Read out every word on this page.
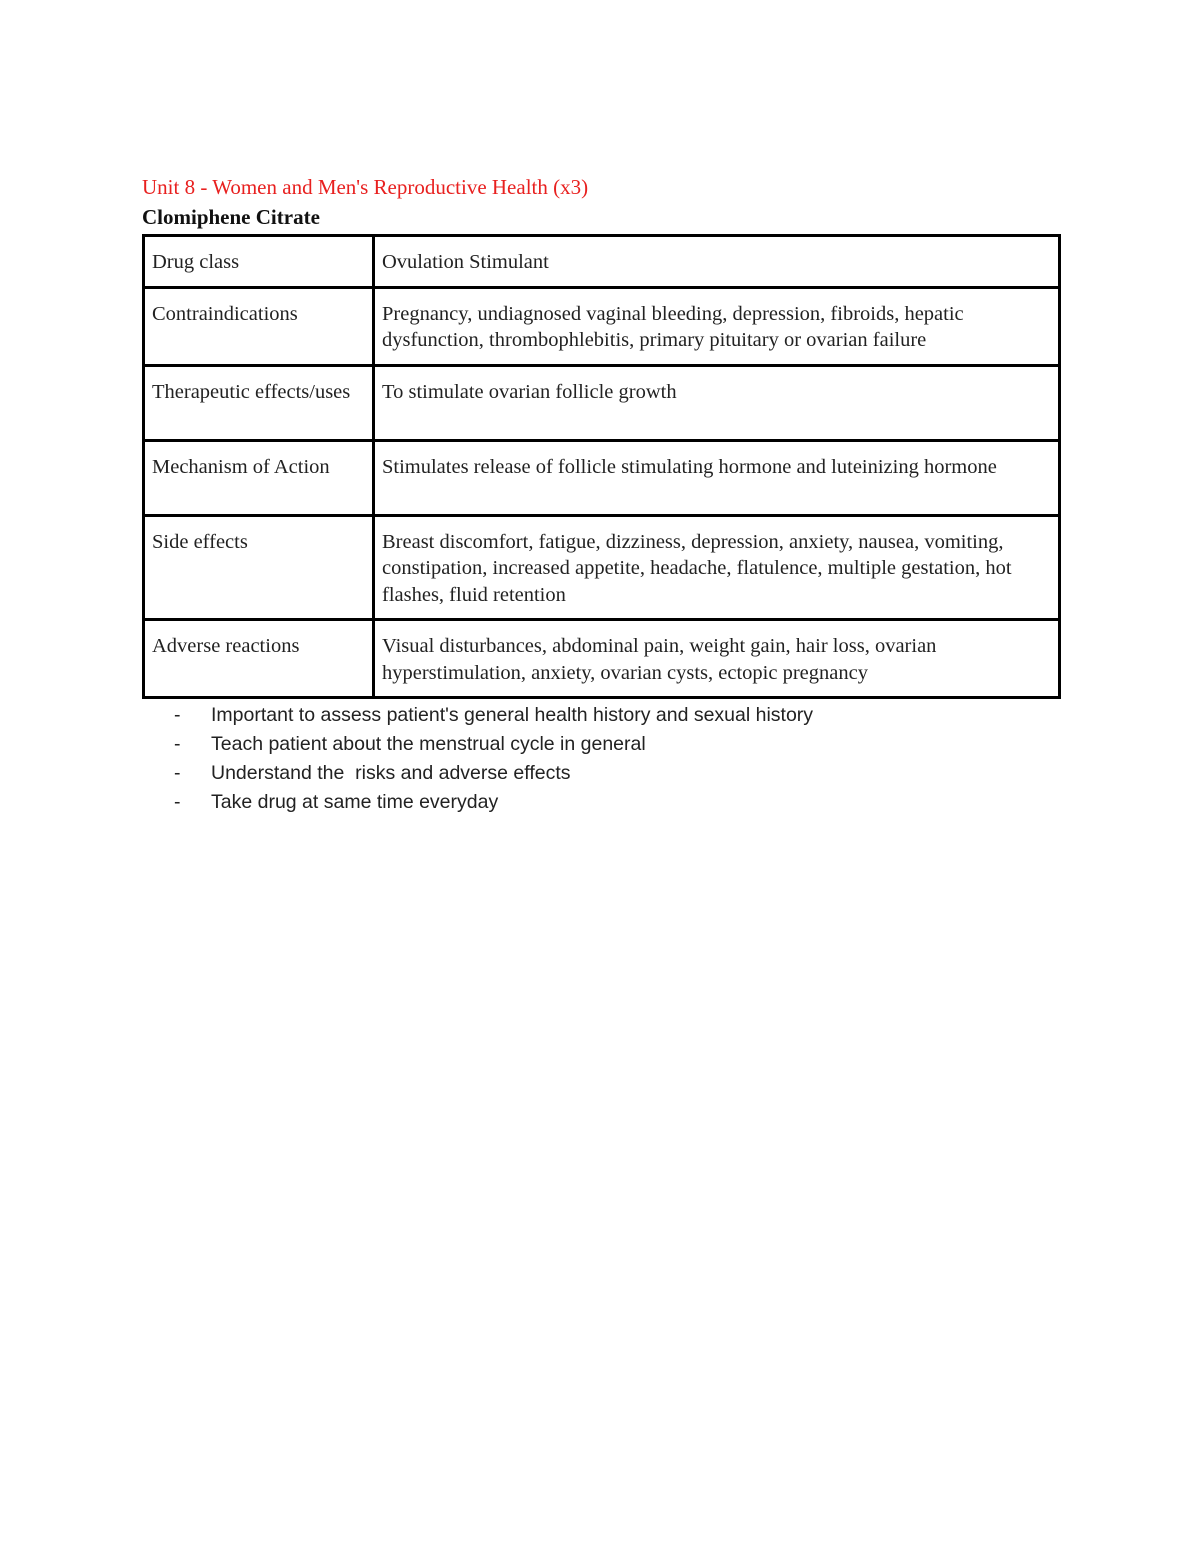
Unit 8 - Women and Men's Reproductive Health (x3)

Clomiphene Citrate

Drug class	Ovulation Stimulant
Contraindications	Pregnancy, undiagnosed vaginal bleeding, depression, fibroids, hepatic dysfunction, thrombophlebitis, primary pituitary or ovarian failure
Therapeutic effects/uses	To stimulate ovarian follicle growth
Mechanism of Action	Stimulates release of follicle stimulating hormone and luteinizing hormone
Side effects	Breast discomfort, fatigue, dizziness, depression, anxiety, nausea, vomiting, constipation, increased appetite, headache, flatulence, multiple gestation, hot flashes, fluid retention
Adverse reactions	Visual disturbances, abdominal pain, weight gain, hair loss, ovarian hyperstimulation, anxiety, ovarian cysts, ectopic pregnancy
- Important to assess patient's general health history and sexual history
- Teach patient about the menstrual cycle in general
- Understand the  risks and adverse effects
- Take drug at same time everyday
